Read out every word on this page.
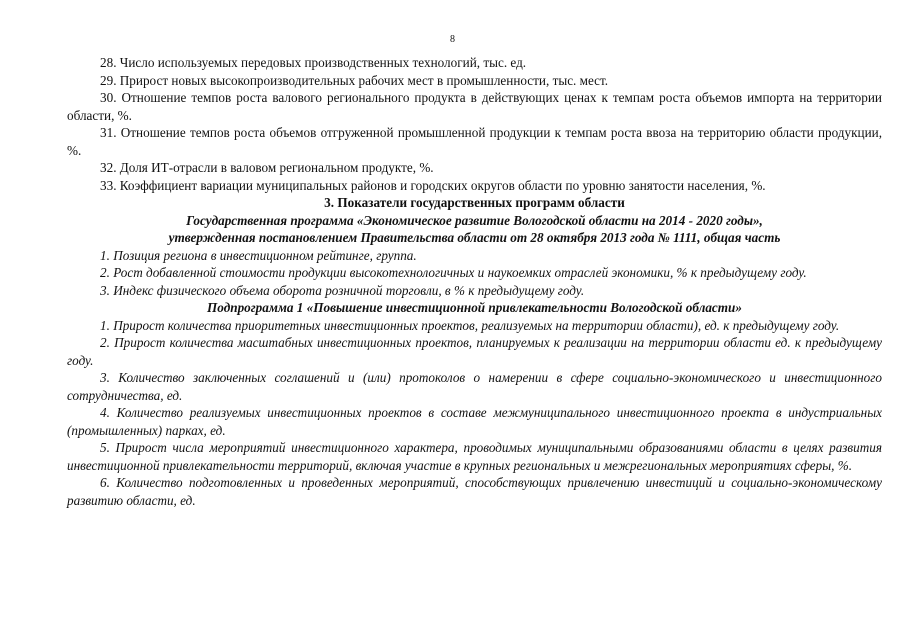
8

28. Число используемых передовых производственных технологий, тыс. ед.

29. Прирост новых высокопроизводительных рабочих мест в промышленности, тыс. мест.

30. Отношение темпов роста валового регионального продукта в действующих ценах к темпам роста объемов импорта на территории области, %.

31. Отношение темпов роста объемов отгруженной промышленной продукции к темпам роста ввоза на территорию области продукции, %.

32. Доля ИТ-отрасли в валовом региональном продукте, %.

33. Коэффициент вариации муниципальных районов и городских округов области по уровню занятости населения, %.

3. Показатели государственных программ области

Государственная программа «Экономическое развитие Вологодской области на 2014 - 2020 годы»,

утвержденная постановлением Правительства области от 28 октября 2013 года № 1111, общая часть

1. Позиция региона в инвестиционном рейтинге, группа.

2. Рост добавленной стоимости продукции высокотехнологичных и наукоемких отраслей экономики, % к предыдущему году.

3. Индекс физического объема оборота розничной торговли, в % к предыдущему году.

Подпрограмма 1 «Повышение инвестиционной привлекательности Вологодской области»

1. Прирост количества приоритетных инвестиционных проектов, реализуемых на территории области), ед. к предыдущему году.

2. Прирост количества масштабных инвестиционных проектов, планируемых к реализации на территории области ед. к предыдущему году.

3. Количество заключенных соглашений и (или) протоколов о намерении в сфере социально-экономического и инвестиционного сотрудничества, ед.

4. Количество реализуемых инвестиционных проектов в составе межмуниципального инвестиционного проекта в индустриальных (промышленных) парках, ед.

5. Прирост числа мероприятий инвестиционного характера, проводимых муниципальными образованиями области в целях развития инвестиционной привлекательности территорий, включая участие в крупных региональных и межрегиональных мероприятиях сферы, %.

6. Количество подготовленных и проведенных мероприятий, способствующих привлечению инвестиций и социально-экономическому развитию области, ед.
